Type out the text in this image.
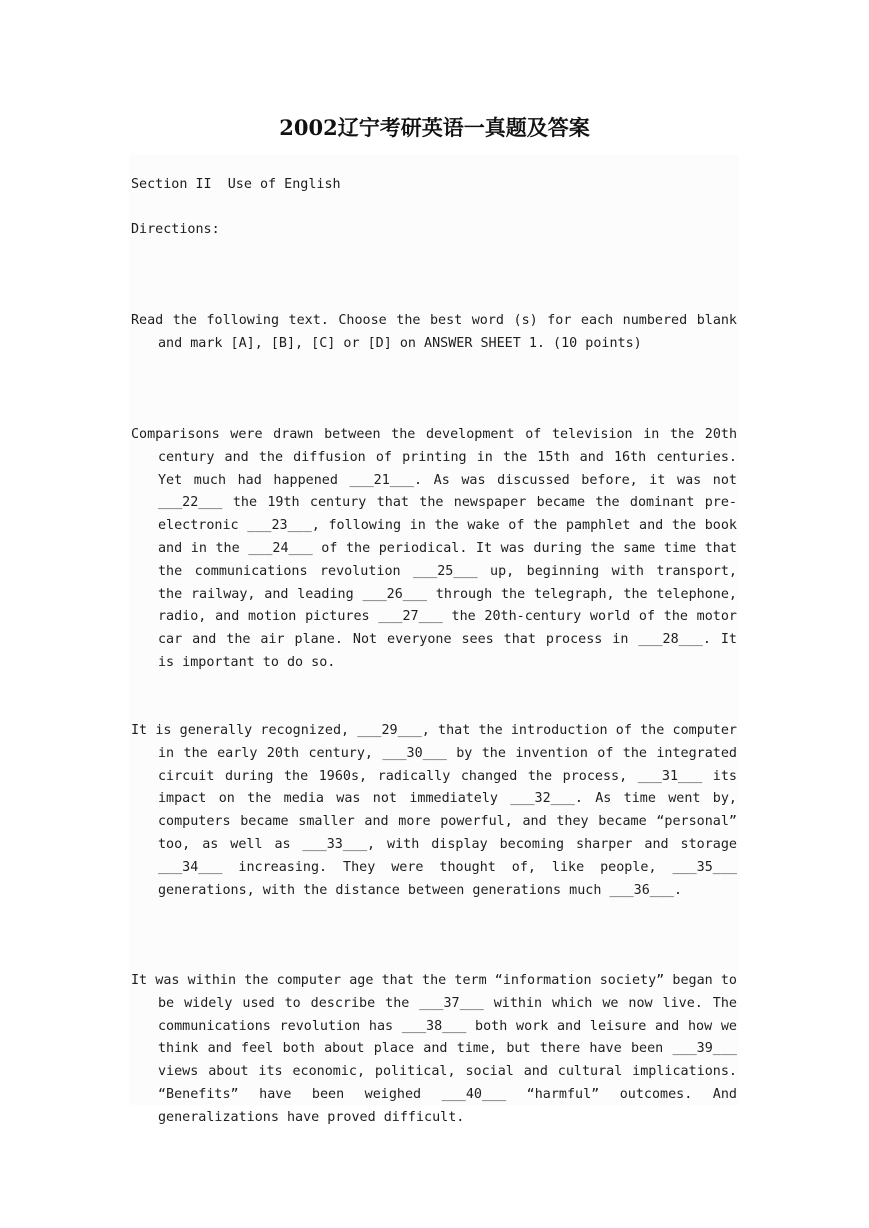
2002辽宁考研英语一真题及答案
Section II  Use of English
Directions:
Read the following text. Choose the best word (s) for each numbered blank and mark [A], [B], [C] or [D] on ANSWER SHEET 1. (10 points)
Comparisons were drawn between the development of television in the 20th century and the diffusion of printing in the 15th and 16th centuries. Yet much had happened ___21___. As was discussed before, it was not ___22___ the 19th century that the newspaper became the dominant pre-electronic ___23___, following in the wake of the pamphlet and the book and in the ___24___ of the periodical. It was during the same time that the communications revolution ___25___ up, beginning with transport, the railway, and leading ___26___ through the telegraph, the telephone, radio, and motion pictures ___27___ the 20th-century world of the motor car and the air plane. Not everyone sees that process in ___28___. It is important to do so.
It is generally recognized, ___29___, that the introduction of the computer in the early 20th century, ___30___ by the invention of the integrated circuit during the 1960s, radically changed the process, ___31___ its impact on the media was not immediately ___32___. As time went by, computers became smaller and more powerful, and they became “personal” too, as well as ___33___, with display becoming sharper and storage ___34___ increasing. They were thought of, like people, ___35___ generations, with the distance between generations much ___36___.
It was within the computer age that the term “information society” began to be widely used to describe the ___37___ within which we now live. The communications revolution has ___38___ both work and leisure and how we think and feel both about place and time, but there have been ___39___ views about its economic, political, social and cultural implications. “Benefits” have been weighed ___40___ “harmful” outcomes. And generalizations have proved difficult.
